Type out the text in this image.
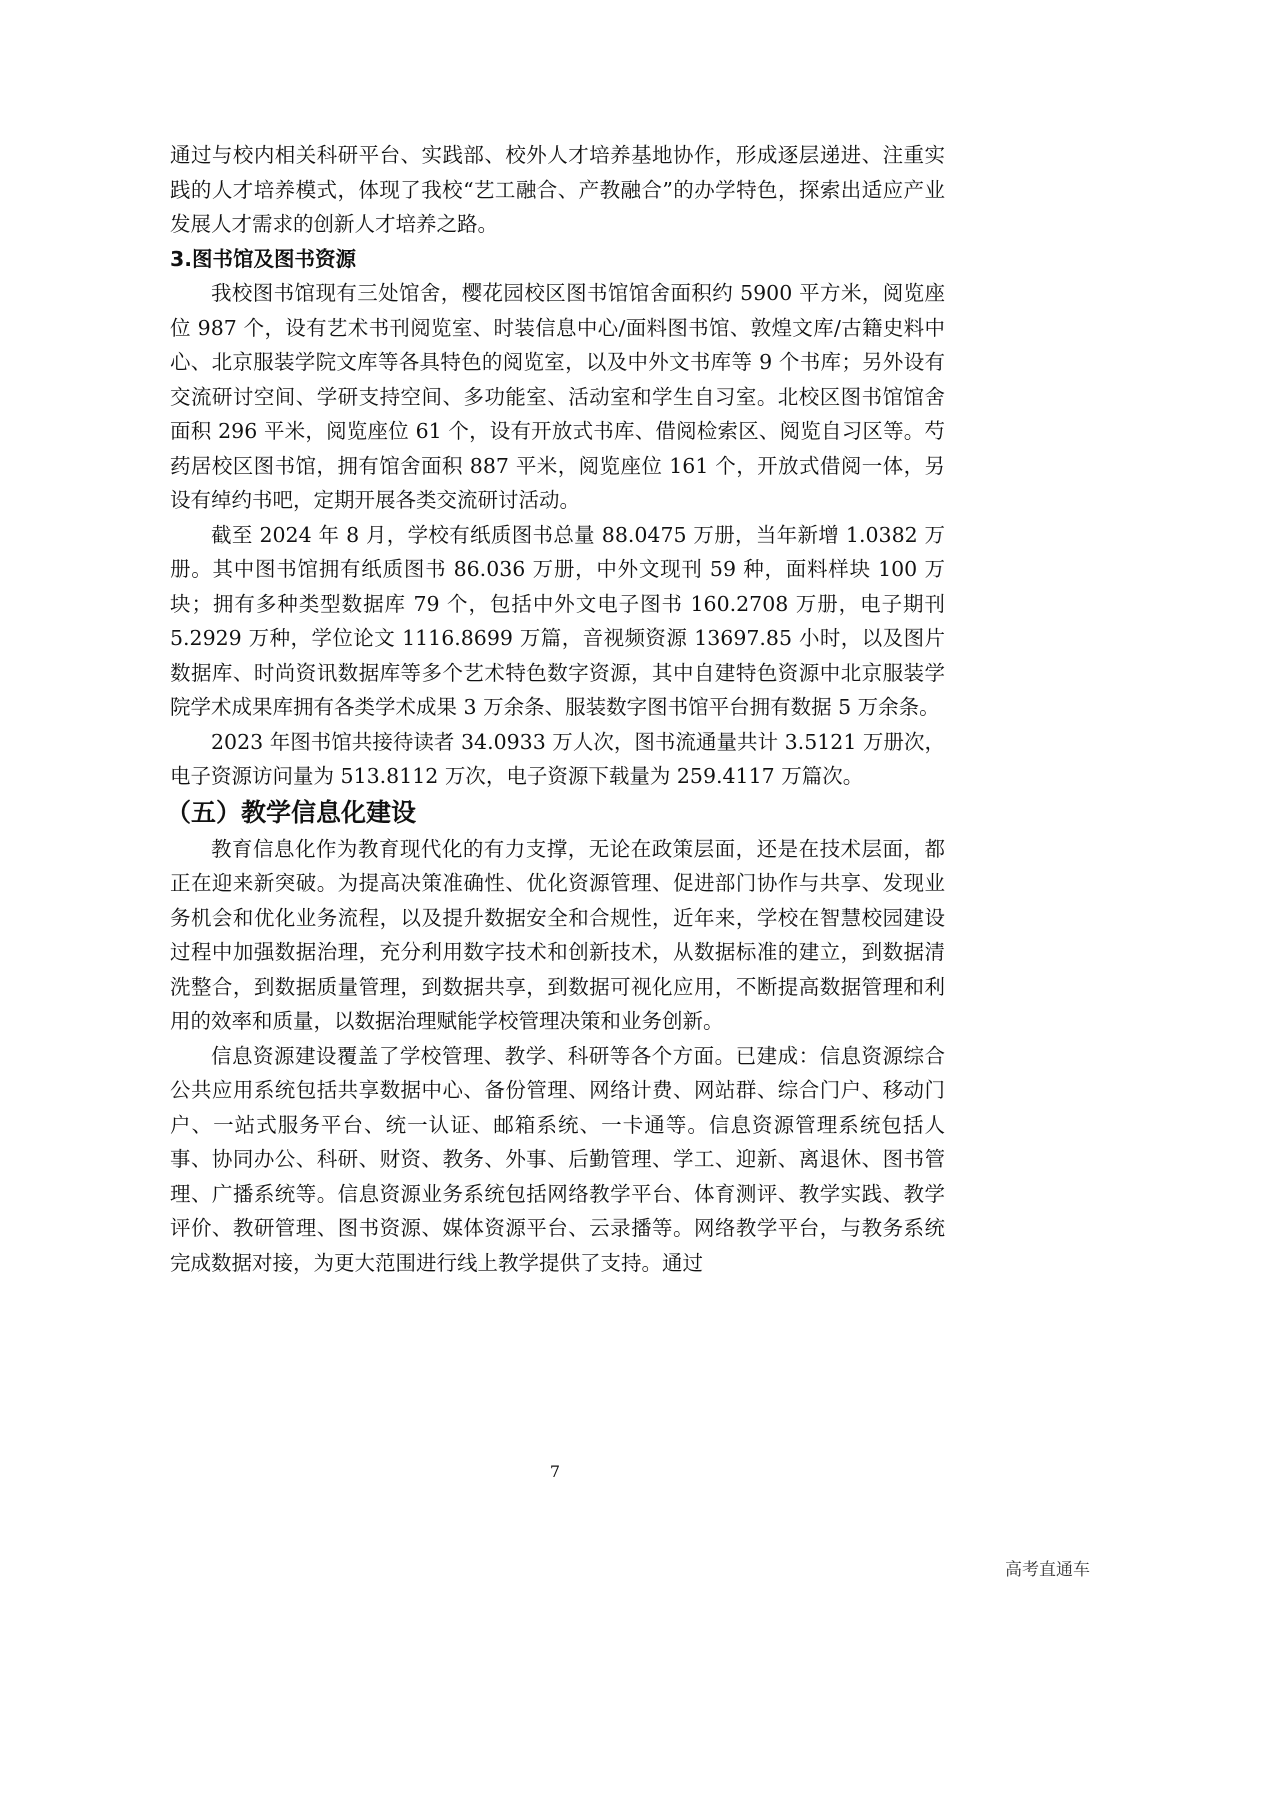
通过与校内相关科研平台、实践部、校外人才培养基地协作，形成逐层递进、注重实践的人才培养模式，体现了我校“艺工融合、产教融合”的办学特色，探索出适应产业发展人才需求的创新人才培养之路。

3.图书馆及图书资源

我校图书馆现有三处馆舍，樱花园校区图书馆馆舍面积约 5900 平方米，阅览座位 987 个，设有艺术书刊阅览室、时装信息中心/面料图书馆、敦煌文库/古籍史料中心、北京服装学院文库等各具特色的阅览室，以及中外文书库等 9 个书库；另外设有交流研讨空间、学研支持空间、多功能室、活动室和学生自习室。北校区图书馆馆舍面积 296 平米，阅览座位 61 个，设有开放式书库、借阅检索区、阅览自习区等。芍药居校区图书馆，拥有馆舍面积 887 平米，阅览座位 161 个，开放式借阅一体，另设有绰约书吧，定期开展各类交流研讨活动。

截至 2024 年 8 月，学校有纸质图书总量 88.0475 万册，当年新增 1.0382 万册。其中图书馆拥有纸质图书 86.036 万册，中外文现刊 59 种，面料样块 100 万块；拥有多种类型数据库 79 个，包括中外文电子图书 160.2708 万册，电子期刊 5.2929 万种，学位论文 1116.8699 万篇，音视频资源 13697.85 小时，以及图片数据库、时尚资讯数据库等多个艺术特色数字资源，其中自建特色资源中北京服装学院学术成果库拥有各类学术成果 3 万余条、服装数字图书馆平台拥有数据 5 万余条。

2023 年图书馆共接待读者 34.0933 万人次，图书流通量共计 3.5121 万册次，电子资源访问量为 513.8112 万次，电子资源下载量为 259.4117 万篇次。

（五）教学信息化建设

教育信息化作为教育现代化的有力支撑，无论在政策层面，还是在技术层面，都正在迎来新突破。为提高决策准确性、优化资源管理、促进部门协作与共享、发现业务机会和优化业务流程，以及提升数据安全和合规性，近年来，学校在智慧校园建设过程中加强数据治理，充分利用数字技术和创新技术，从数据标准的建立，到数据清洗整合，到数据质量管理，到数据共享，到数据可视化应用，不断提高数据管理和利用的效率和质量，以数据治理赋能学校管理决策和业务创新。

信息资源建设覆盖了学校管理、教学、科研等各个方面。已建成：信息资源综合公共应用系统包括共享数据中心、备份管理、网络计费、网站群、综合门户、移动门户、一站式服务平台、统一认证、邮箱系统、一卡通等。信息资源管理系统包括人事、协同办公、科研、财资、教务、外事、后勤管理、学工、迎新、离退休、图书管理、广播系统等。信息资源业务系统包括网络教学平台、体育测评、教学实践、教学评价、教研管理、图书资源、媒体资源平台、云录播等。网络教学平台，与教务系统完成数据对接，为更大范围进行线上教学提供了支持。通过

7
高考直通车
